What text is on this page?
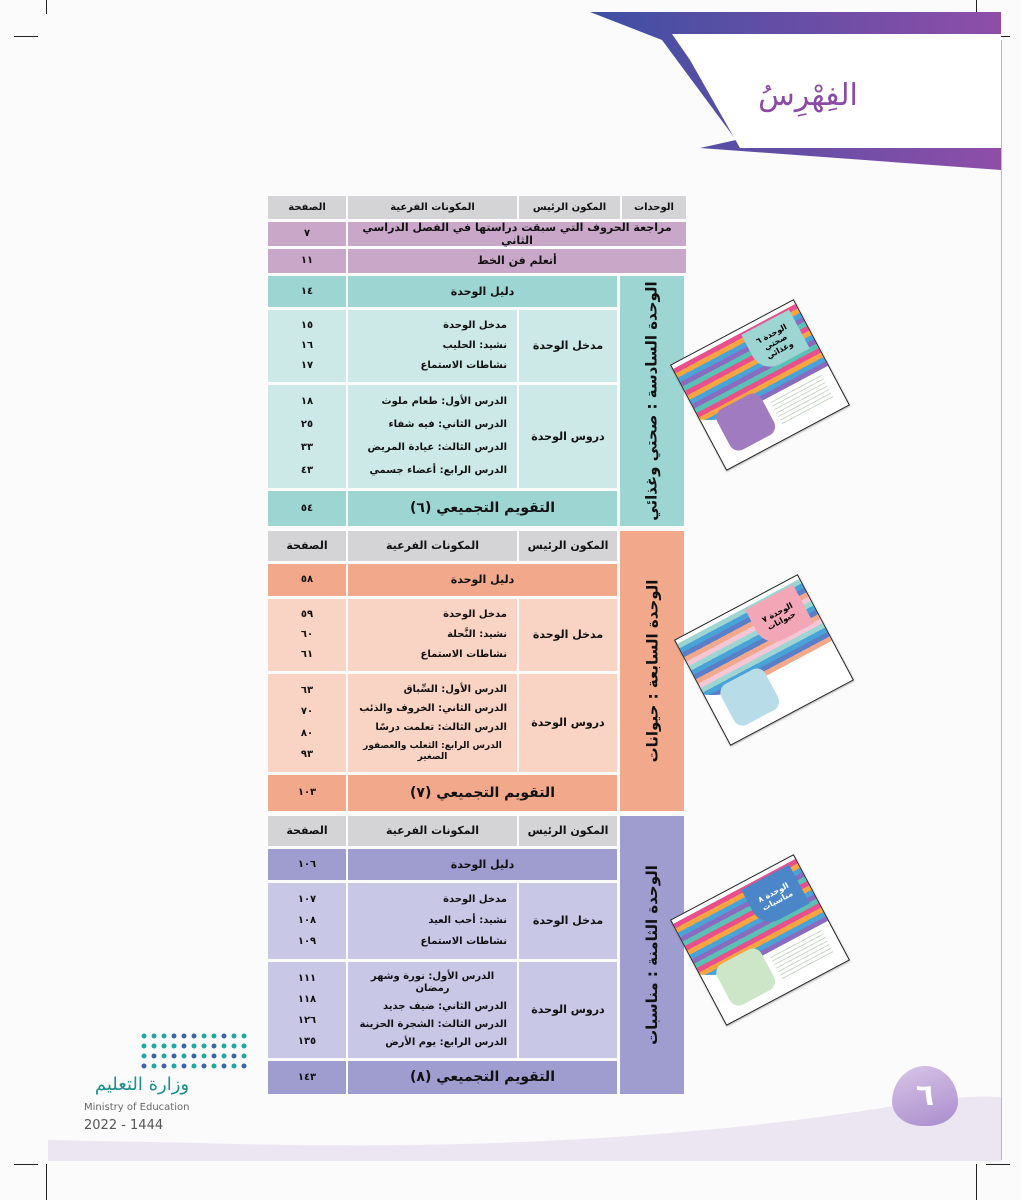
الفِهْرِسُ
الوحدات
المكون الرئيس
المكونات الفرعية
الصفحة
مراجعة الحروف التي سبقت دراستها في الفصل الدراسي الثاني
٧
أتعلم فن الخط
١١
الوحدة السادسة : صحتي وغذائي
دليل الوحدة
١٤
مدخل الوحدة
مدخل الوحدة
نشيد: الحليب
نشاطات الاستماع
١٥
١٦
١٧
دروس الوحدة
الدرس الأول: طعام ملوث
الدرس الثاني: فيه شفاء
الدرس الثالث: عيادة المريض
الدرس الرابع: أعضاء جسمي
١٨
٢٥
٣٣
٤٣
التقويم التجميعي (٦)
٥٤
المكون الرئيس
المكونات الفرعية
الصفحة
الوحدة السابعة : حيوانات
دليل الوحدة
٥٨
مدخل الوحدة
مدخل الوحدة
نشيد: النَّحلة
نشاطات الاستماع
٥٩
٦٠
٦١
دروس الوحدة
الدرس الأول: السِّباق
الدرس الثاني: الخروف والذئب
الدرس الثالث: تعلمت درسًا
الدرس الرابع: الثعلب والعصفور الصغير
٦٣
٧٠
٨٠
٩٣
التقويم التجميعي (٧)
١٠٣
المكون الرئيس
المكونات الفرعية
الصفحة
الوحدة الثامنة : مناسبات
دليل الوحدة
١٠٦
مدخل الوحدة
مدخل الوحدة
نشيد: أحب العيد
نشاطات الاستماع
١٠٧
١٠٨
١٠٩
دروس الوحدة
الدرس الأول: نورة وشهر رمضان
الدرس الثاني: ضيف جديد
الدرس الثالث: الشجرة الحزينة
الدرس الرابع: يوم الأرض
١١١
١١٨
١٢٦
١٣٥
التقويم التجميعي (٨)
١٤٣
الوحدة ٦ صحتي وغذائي
الوحدة ٧ حيوانات
الوحدة ٨ مناسبات
٦
وزارة التعليم
Ministry of Education
2022 - 1444
